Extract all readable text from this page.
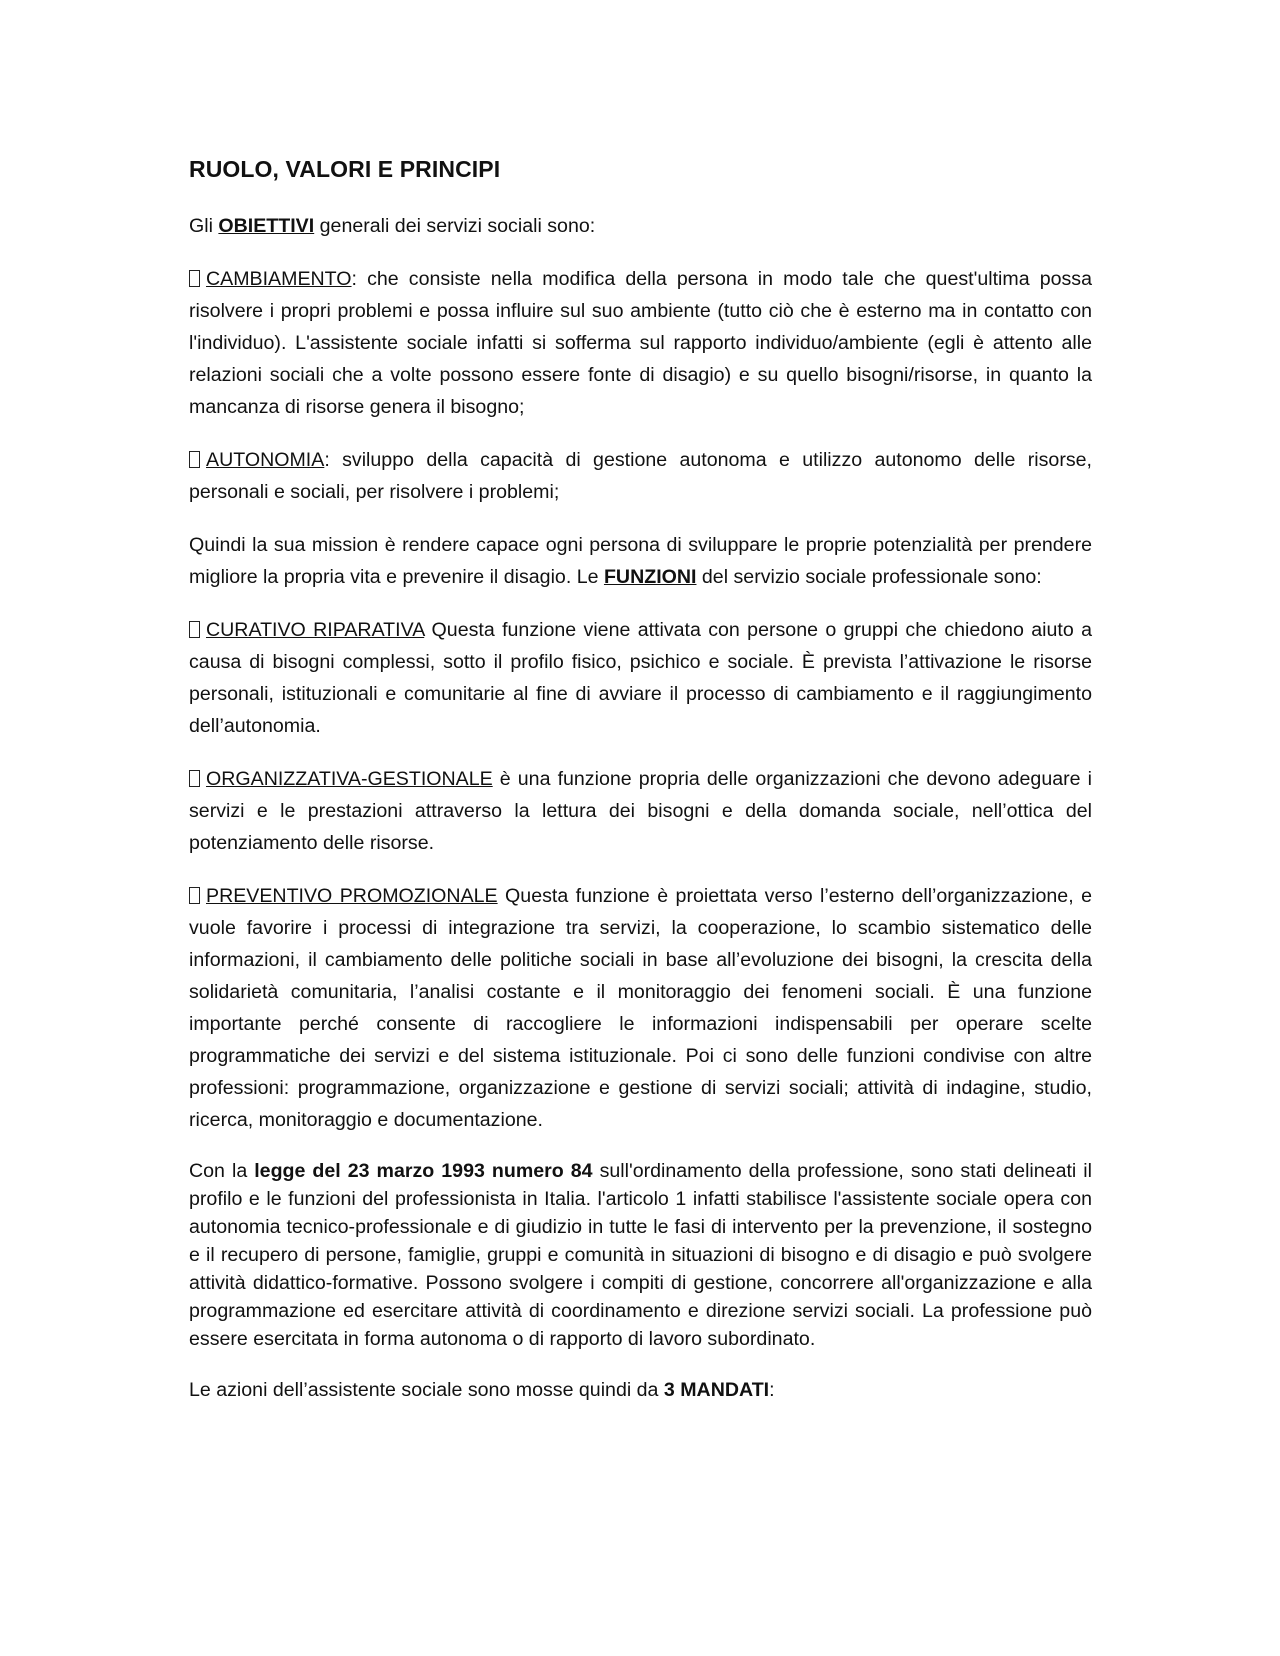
RUOLO, VALORI E PRINCIPI

Gli OBIETTIVI generali dei servizi sociali sono:

CAMBIAMENTO: che consiste nella modifica della persona in modo tale che quest'ultima possa risolvere i propri problemi e possa influire sul suo ambiente (tutto ciò che è esterno ma in contatto con l'individuo). L'assistente sociale infatti si sofferma sul rapporto individuo/ambiente (egli è attento alle relazioni sociali che a volte possono essere fonte di disagio) e su quello bisogni/risorse, in quanto la mancanza di risorse genera il bisogno;

AUTONOMIA: sviluppo della capacità di gestione autonoma e utilizzo autonomo delle risorse, personali e sociali, per risolvere i problemi;

Quindi la sua mission è rendere capace ogni persona di sviluppare le proprie potenzialità per prendere migliore la propria vita e prevenire il disagio. Le FUNZIONI del servizio sociale professionale sono:

CURATIVO RIPARATIVA Questa funzione viene attivata con persone o gruppi che chiedono aiuto a causa di bisogni complessi, sotto il profilo fisico, psichico e sociale. È prevista l’attivazione le risorse personali, istituzionali e comunitarie al fine di avviare il processo di cambiamento e il raggiungimento dell’autonomia.

ORGANIZZATIVA-GESTIONALE è una funzione propria delle organizzazioni che devono adeguare i servizi e le prestazioni attraverso la lettura dei bisogni e della domanda sociale, nell’ottica del potenziamento delle risorse.

PREVENTIVO PROMOZIONALE Questa funzione è proiettata verso l’esterno dell’organizzazione, e vuole favorire i processi di integrazione tra servizi, la cooperazione, lo scambio sistematico delle informazioni, il cambiamento delle politiche sociali in base all’evoluzione dei bisogni, la crescita della solidarietà comunitaria, l’analisi costante e il monitoraggio dei fenomeni sociali. È una funzione importante perché consente di raccogliere le informazioni indispensabili per operare scelte programmatiche dei servizi e del sistema istituzionale. Poi ci sono delle funzioni condivise con altre professioni: programmazione, organizzazione e gestione di servizi sociali; attività di indagine, studio, ricerca, monitoraggio e documentazione.

Con la legge del 23 marzo 1993 numero 84 sull'ordinamento della professione, sono stati delineati il profilo e le funzioni del professionista in Italia. l'articolo 1 infatti stabilisce l'assistente sociale opera con autonomia tecnico-professionale e di giudizio in tutte le fasi di intervento per la prevenzione, il sostegno e il recupero di persone, famiglie, gruppi e comunità in situazioni di bisogno e di disagio e può svolgere attività didattico-formative. Possono svolgere i compiti di gestione, concorrere all'organizzazione e alla programmazione ed esercitare attività di coordinamento e direzione servizi sociali. La professione può essere esercitata in forma autonoma o di rapporto di lavoro subordinato.

Le azioni dell’assistente sociale sono mosse quindi da 3 MANDATI:
